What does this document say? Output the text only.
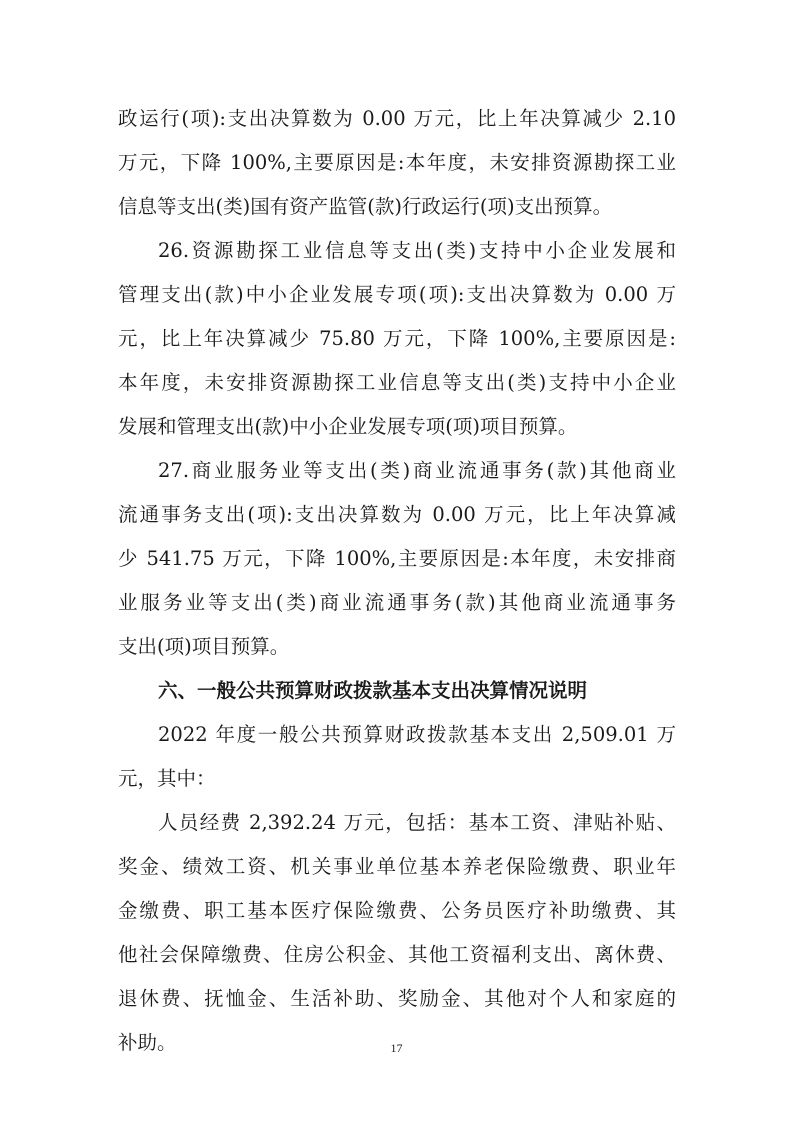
政运行(项):支出决算数为 0.00 万元，比上年决算减少 2.10
万元，下降 100%,主要原因是:本年度，未安排资源勘探工业
信息等支出(类)国有资产监管(款)行政运行(项)支出预算。
26.资源勘探工业信息等支出(类)支持中小企业发展和
管理支出(款)中小企业发展专项(项):支出决算数为 0.00 万
元，比上年决算减少 75.80 万元，下降 100%,主要原因是:
本年度，未安排资源勘探工业信息等支出(类)支持中小企业
发展和管理支出(款)中小企业发展专项(项)项目预算。
27.商业服务业等支出(类)商业流通事务(款)其他商业
流通事务支出(项):支出决算数为 0.00 万元，比上年决算减
少 541.75 万元，下降 100%,主要原因是:本年度，未安排商
业服务业等支出(类)商业流通事务(款)其他商业流通事务
支出(项)项目预算。
六、一般公共预算财政拨款基本支出决算情况说明
2022 年度一般公共预算财政拨款基本支出 2,509.01 万
元，其中：
人员经费 2,392.24 万元，包括：基本工资、津贴补贴、
奖金、绩效工资、机关事业单位基本养老保险缴费、职业年
金缴费、职工基本医疗保险缴费、公务员医疗补助缴费、其
他社会保障缴费、住房公积金、其他工资福利支出、离休费、
退休费、抚恤金、生活补助、奖励金、其他对个人和家庭的
补助。	17
